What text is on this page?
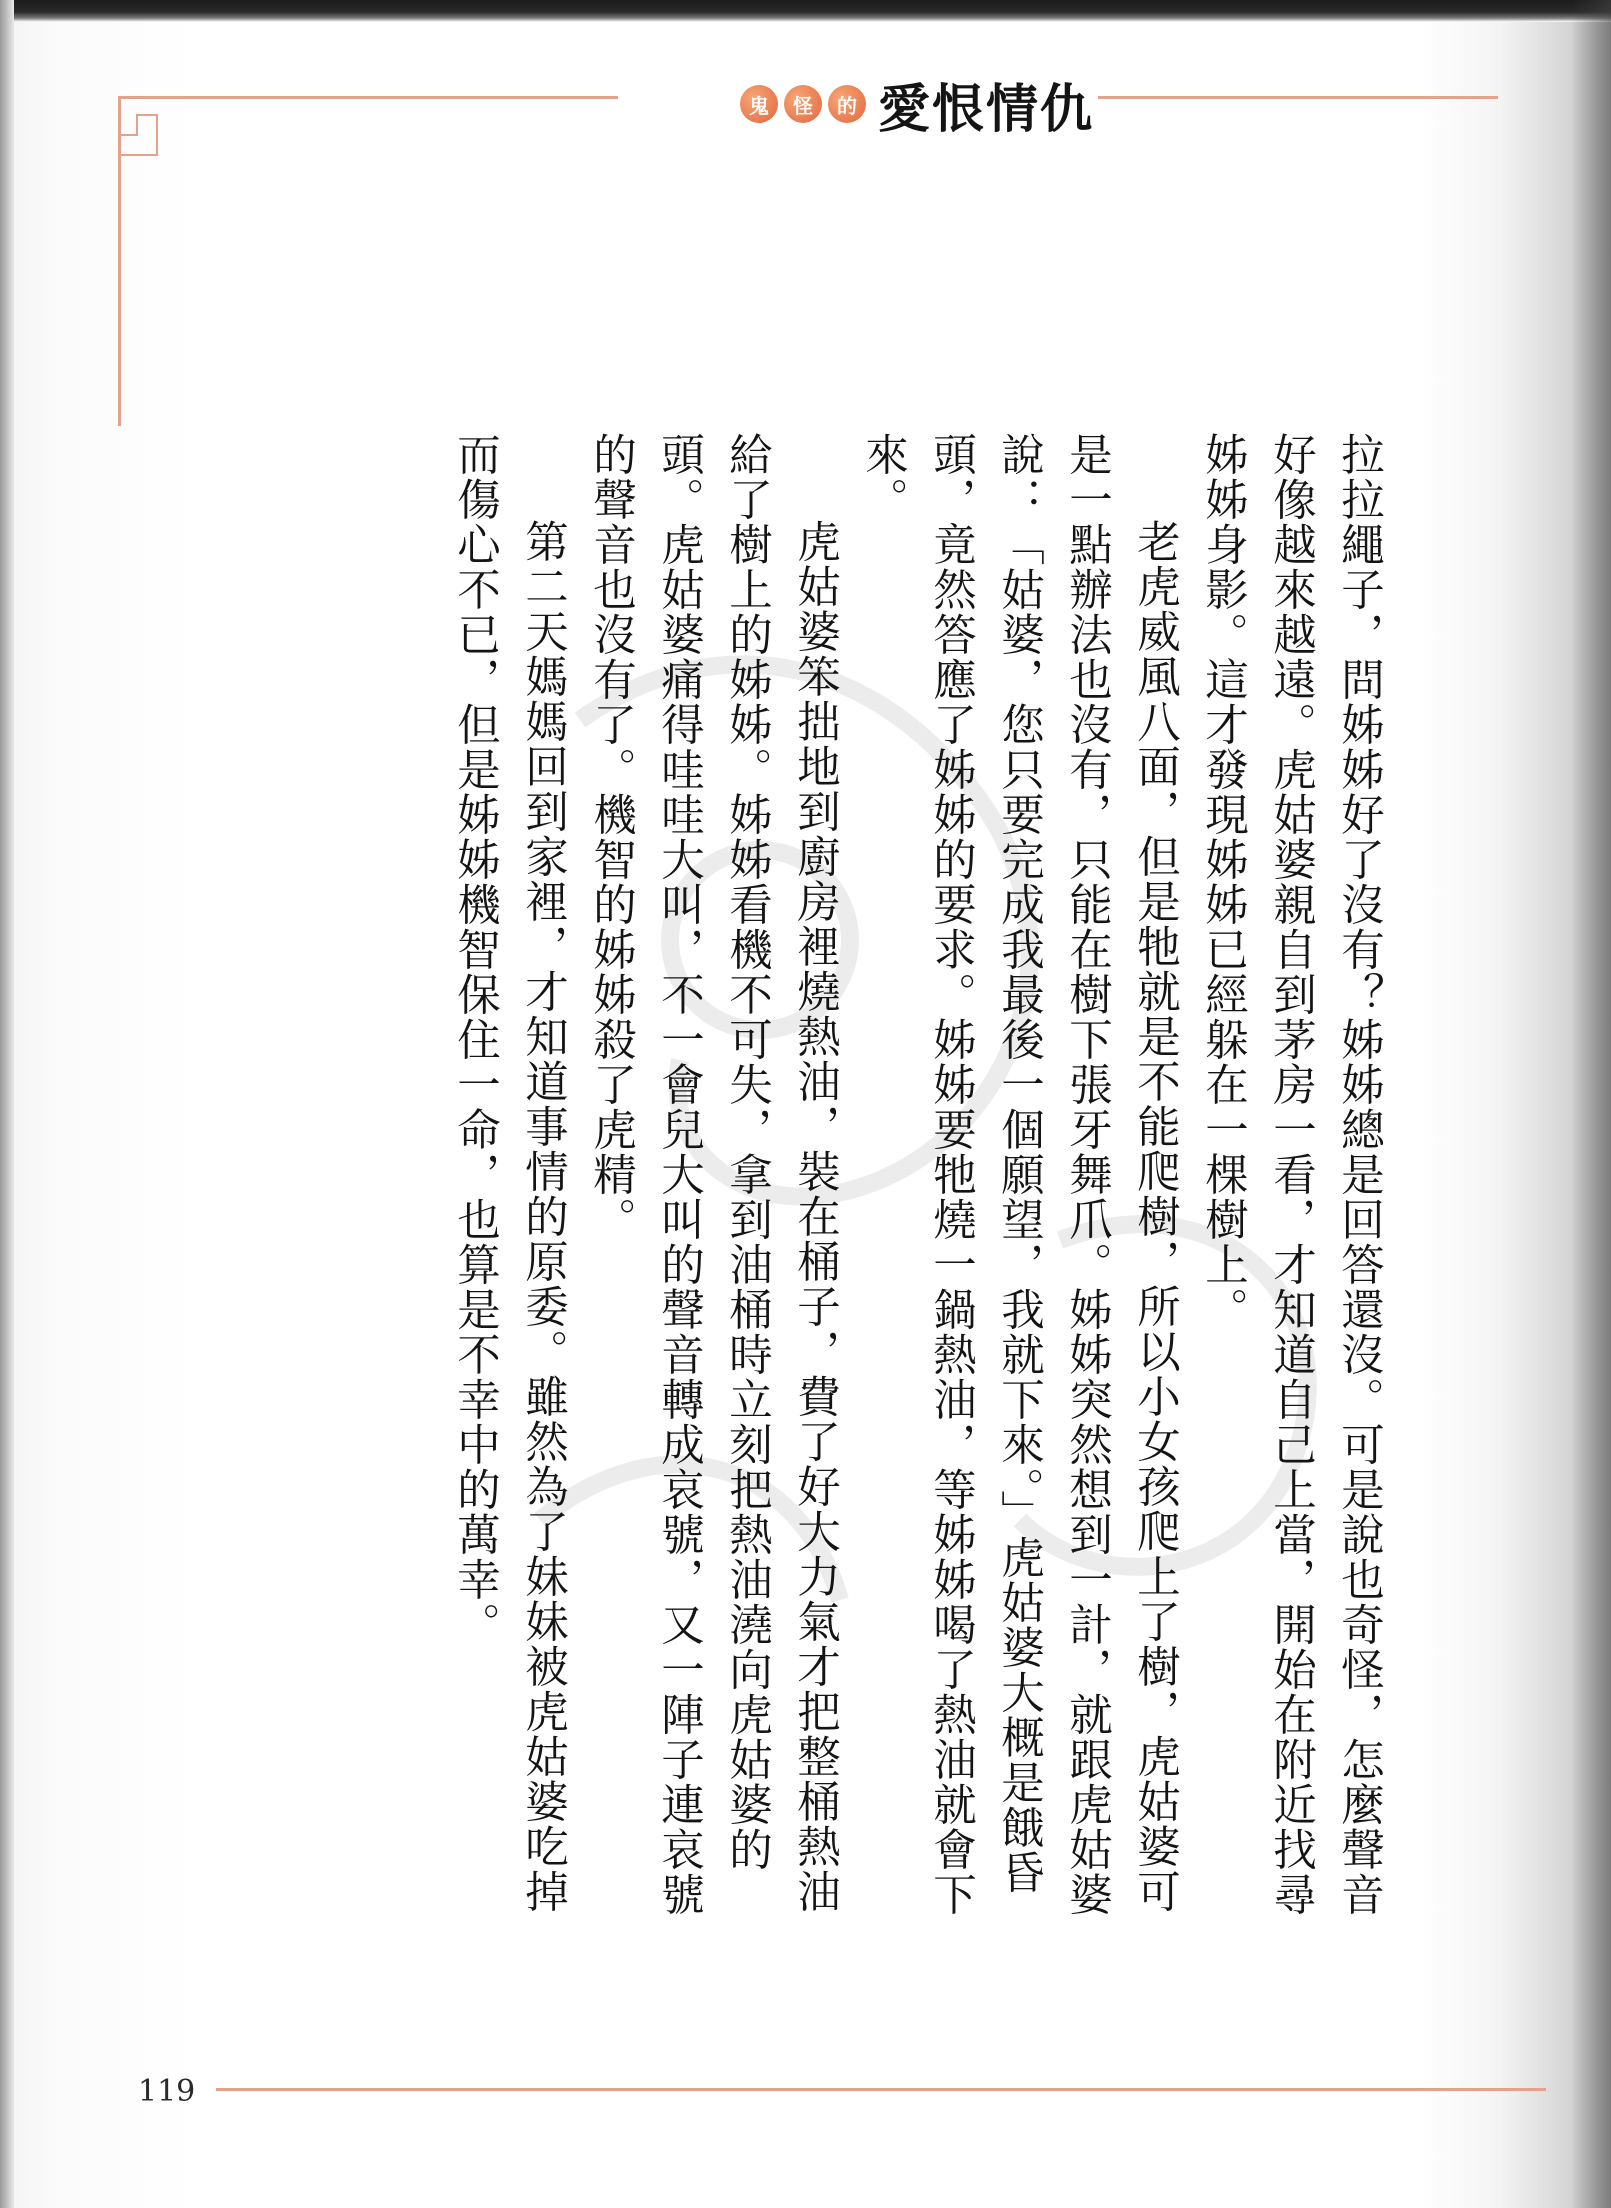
鬼	怪	的 愛恨情仇

拉拉繩子，問姊姊好了沒有？姊姊總是回答還沒。可是說也奇怪，怎麼聲音好像越來越遠。虎姑婆親自到茅房一看，才知道自己上當，開始在附近找尋姊姊身影。這才發現姊姊已經躲在一棵樹上。

老虎威風八面，但是牠就是不能爬樹，所以小女孩爬上了樹，虎姑婆可是一點辦法也沒有，只能在樹下張牙舞爪。姊姊突然想到一計，就跟虎姑婆說：「姑婆，您只要完成我最後一個願望，我就下來。」虎姑婆大概是餓昏頭，竟然答應了姊姊的要求。姊姊要牠燒一鍋熱油，等姊姊喝了熱油就會下來。

虎姑婆笨拙地到廚房裡燒熱油，裝在桶子，費了好大力氣才把整桶熱油給了樹上的姊姊。姊姊看機不可失，拿到油桶時立刻把熱油澆向虎姑婆的頭。虎姑婆痛得哇哇大叫，不一會兒大叫的聲音轉成哀號，又一陣子連哀號的聲音也沒有了。機智的姊姊殺了虎精。

第二天媽媽回到家裡，才知道事情的原委。雖然為了妹妹被虎姑婆吃掉而傷心不已，但是姊姊機智保住一命，也算是不幸中的萬幸。

119
